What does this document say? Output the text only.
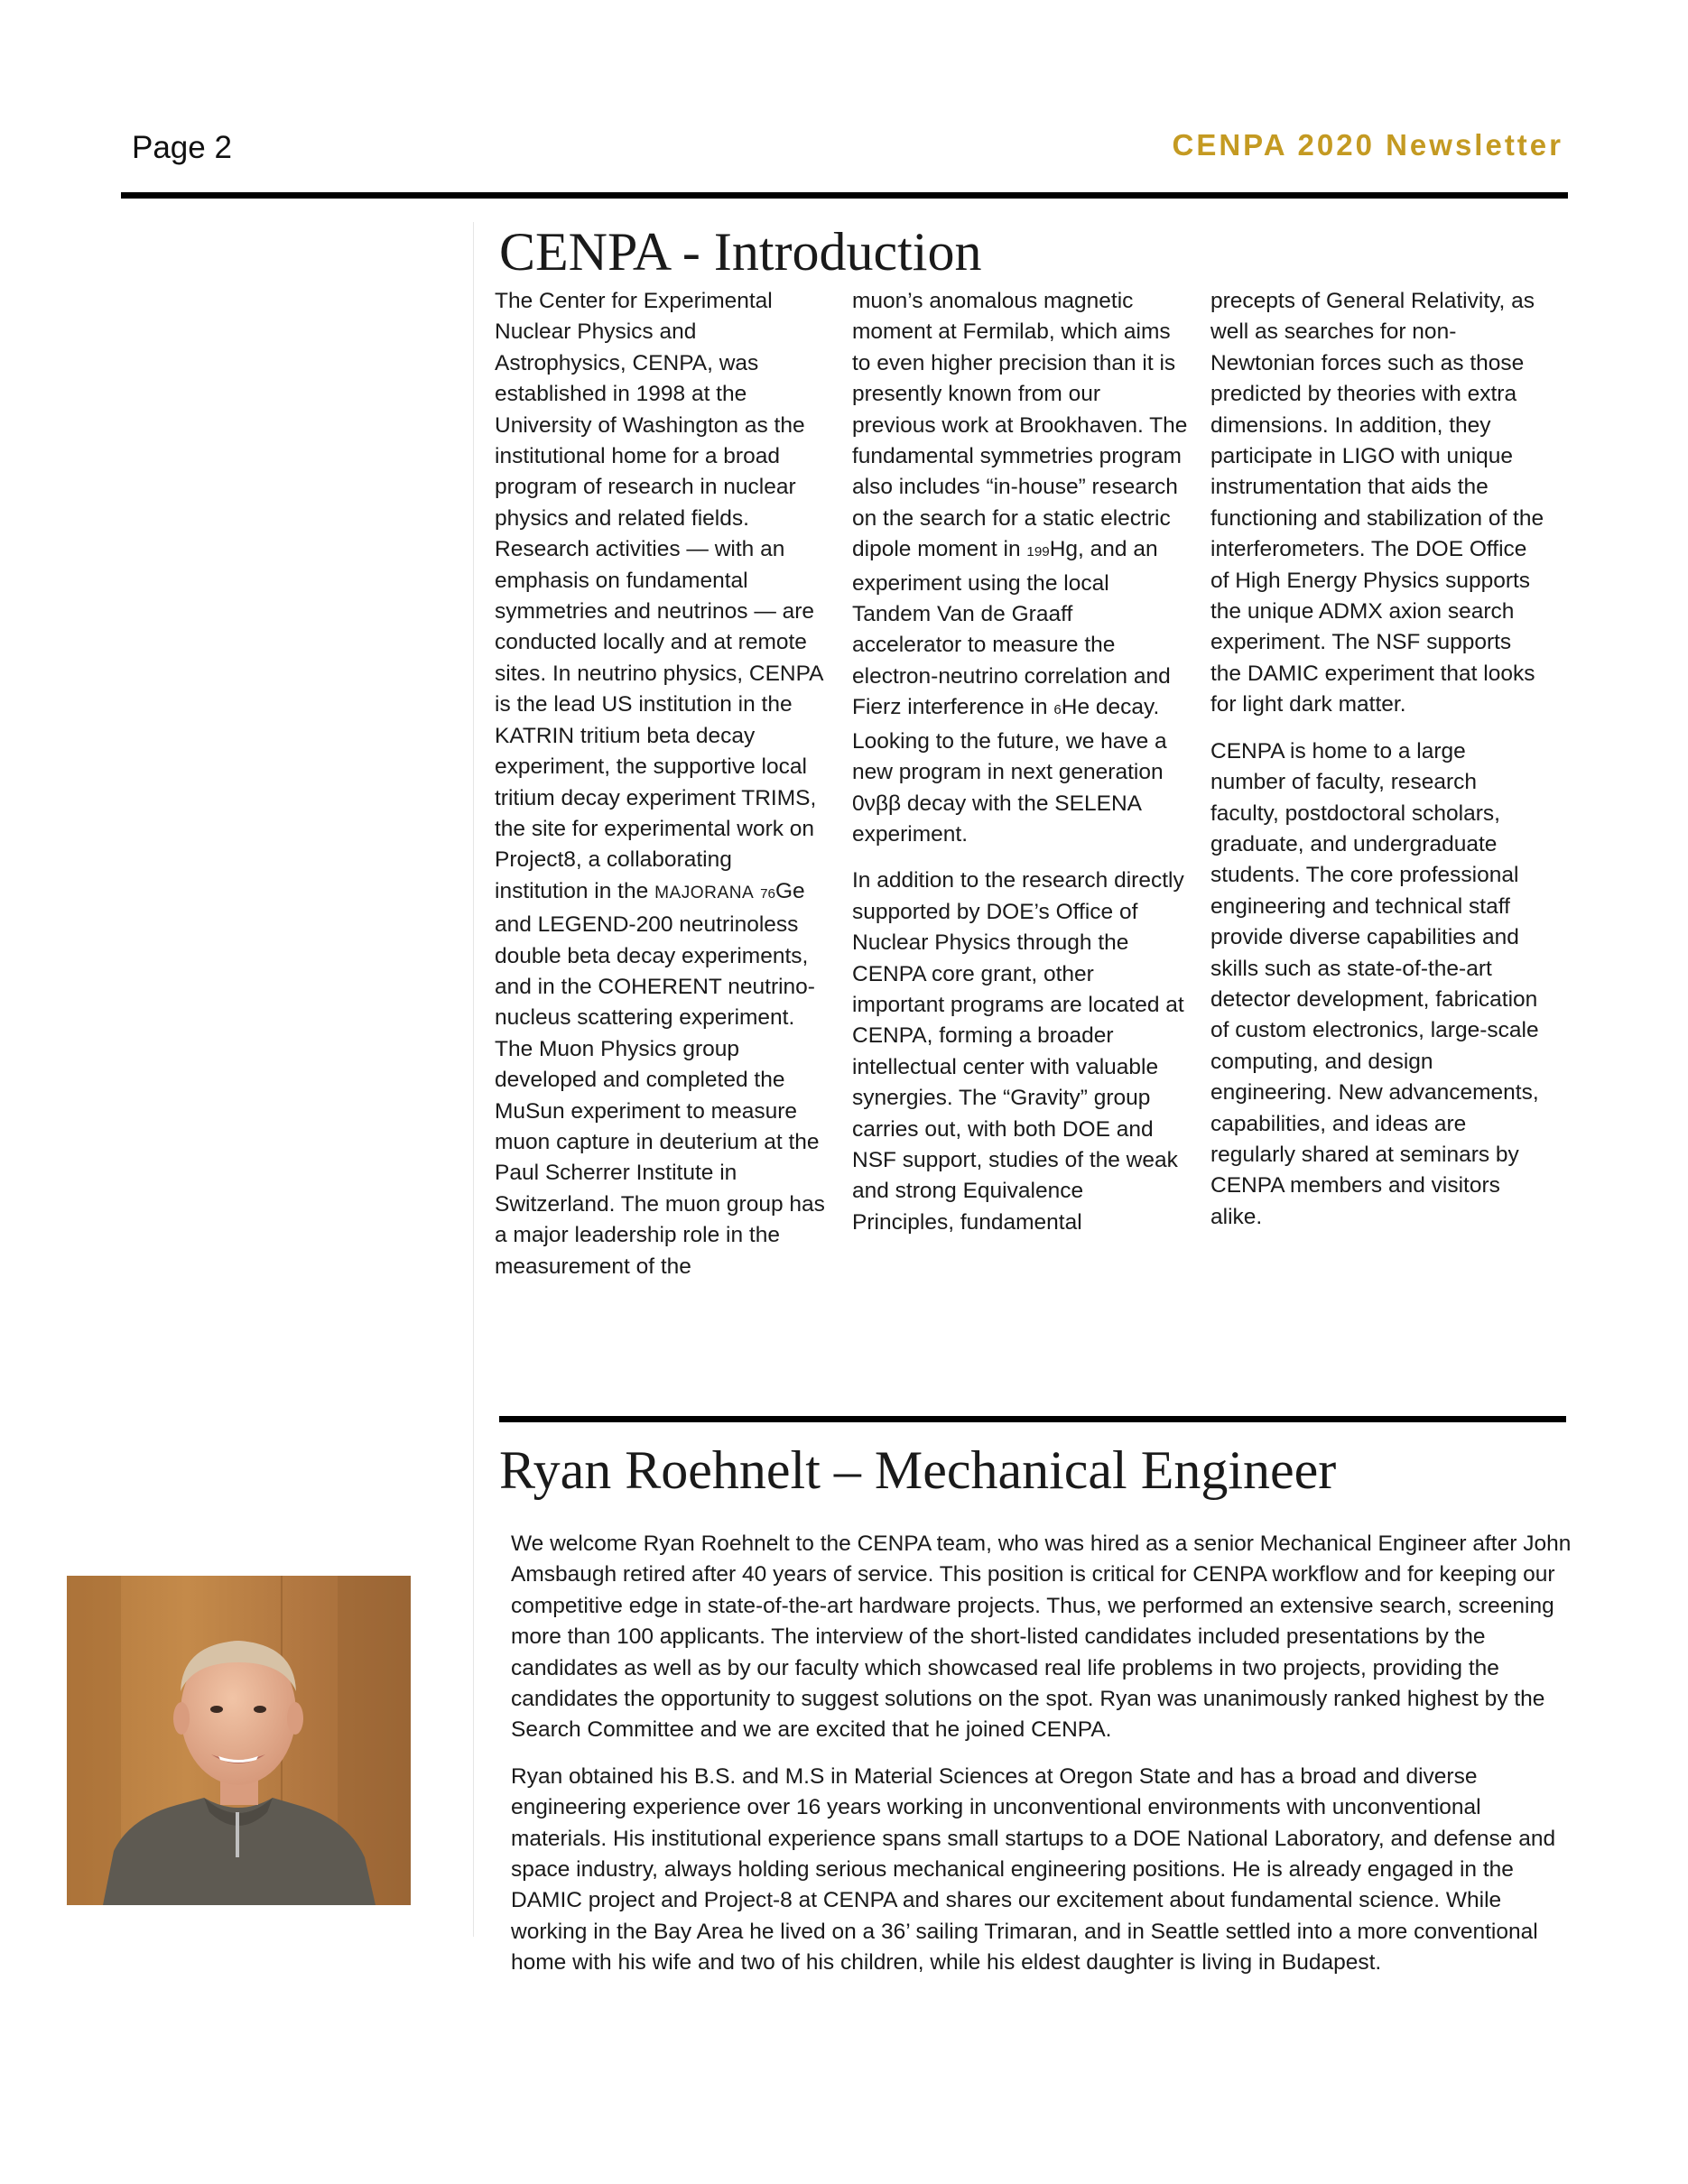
Page 2	CENPA 2020 Newsletter
CENPA - Introduction

The Center for Experimental Nuclear Physics and Astrophysics, CENPA, was established in 1998 at the University of Washington as the institutional home for a broad program of research in nuclear physics and related fields. Research activities — with an emphasis on fundamental symmetries and neutrinos — are conducted locally and at remote sites. In neutrino physics, CENPA is the lead US institution in the KATRIN tritium beta decay experiment, the supportive local tritium decay experiment TRIMS, the site for experimental work on Project8, a collaborating institution in the MAJORANA 76Ge and LEGEND-200 neutrinoless double beta decay experiments, and in the COHERENT neutrino-nucleus scattering experiment. The Muon Physics group developed and completed the MuSun experiment to measure muon capture in deuterium at the Paul Scherrer Institute in Switzerland. The muon group has a major leadership role in the measurement of the

muon’s anomalous magnetic moment at Fermilab, which aims to even higher precision than it is presently known from our previous work at Brookhaven. The fundamental symmetries program also includes “in-house” research on the search for a static electric dipole moment in 199Hg, and an experiment using the local Tandem Van de Graaff accelerator to measure the electron-neutrino correlation and Fierz interference in 6He decay. Looking to the future, we have a new program in next generation 0νββ decay with the SELENA experiment.

In addition to the research directly supported by DOE’s Office of Nuclear Physics through the CENPA core grant, other important programs are located at CENPA, forming a broader intellectual center with valuable synergies. The “Gravity” group carries out, with both DOE and NSF support, studies of the weak and strong Equivalence Principles, fundamental

precepts of General Relativity, as well as searches for non-Newtonian forces such as those predicted by theories with extra dimensions. In addition, they participate in LIGO with unique instrumentation that aids the functioning and stabilization of the interferometers. The DOE Office of High Energy Physics supports the unique ADMX axion search experiment. The NSF supports the DAMIC experiment that looks for light dark matter.

CENPA is home to a large number of faculty, research faculty, postdoctoral scholars, graduate, and undergraduate students. The core professional engineering and technical staff provide diverse capabilities and skills such as state-of-the-art detector development, fabrication of custom electronics, large-scale computing, and design engineering. New advancements, capabilities, and ideas are regularly shared at seminars by CENPA members and visitors alike.

Ryan Roehnelt – Mechanical Engineer

We welcome Ryan Roehnelt to the CENPA team, who was hired as a senior Mechanical Engineer after John Amsbaugh retired after 40 years of service. This position is critical for CENPA workflow and for keeping our competitive edge in state-of-the-art hardware projects. Thus, we performed an extensive search, screening more than 100 applicants. The interview of the short-listed candidates included presentations by the candidates as well as by our faculty which showcased real life problems in two projects, providing the candidates the opportunity to suggest solutions on the spot. Ryan was unanimously ranked highest by the Search Committee and we are excited that he joined CENPA.

Ryan obtained his B.S. and M.S in Material Sciences at Oregon State and has a broad and diverse engineering experience over 16 years working in unconventional environments with unconventional materials. His institutional experience spans small startups to a DOE National Laboratory, and defense and space industry, always holding serious mechanical engineering positions. He is already engaged in the DAMIC project and Project-8 at CENPA and shares our excitement about fundamental science. While working in the Bay Area he lived on a 36’ sailing Trimaran, and in Seattle settled into a more conventional home with his wife and two of his children, while his eldest daughter is living in Budapest.
